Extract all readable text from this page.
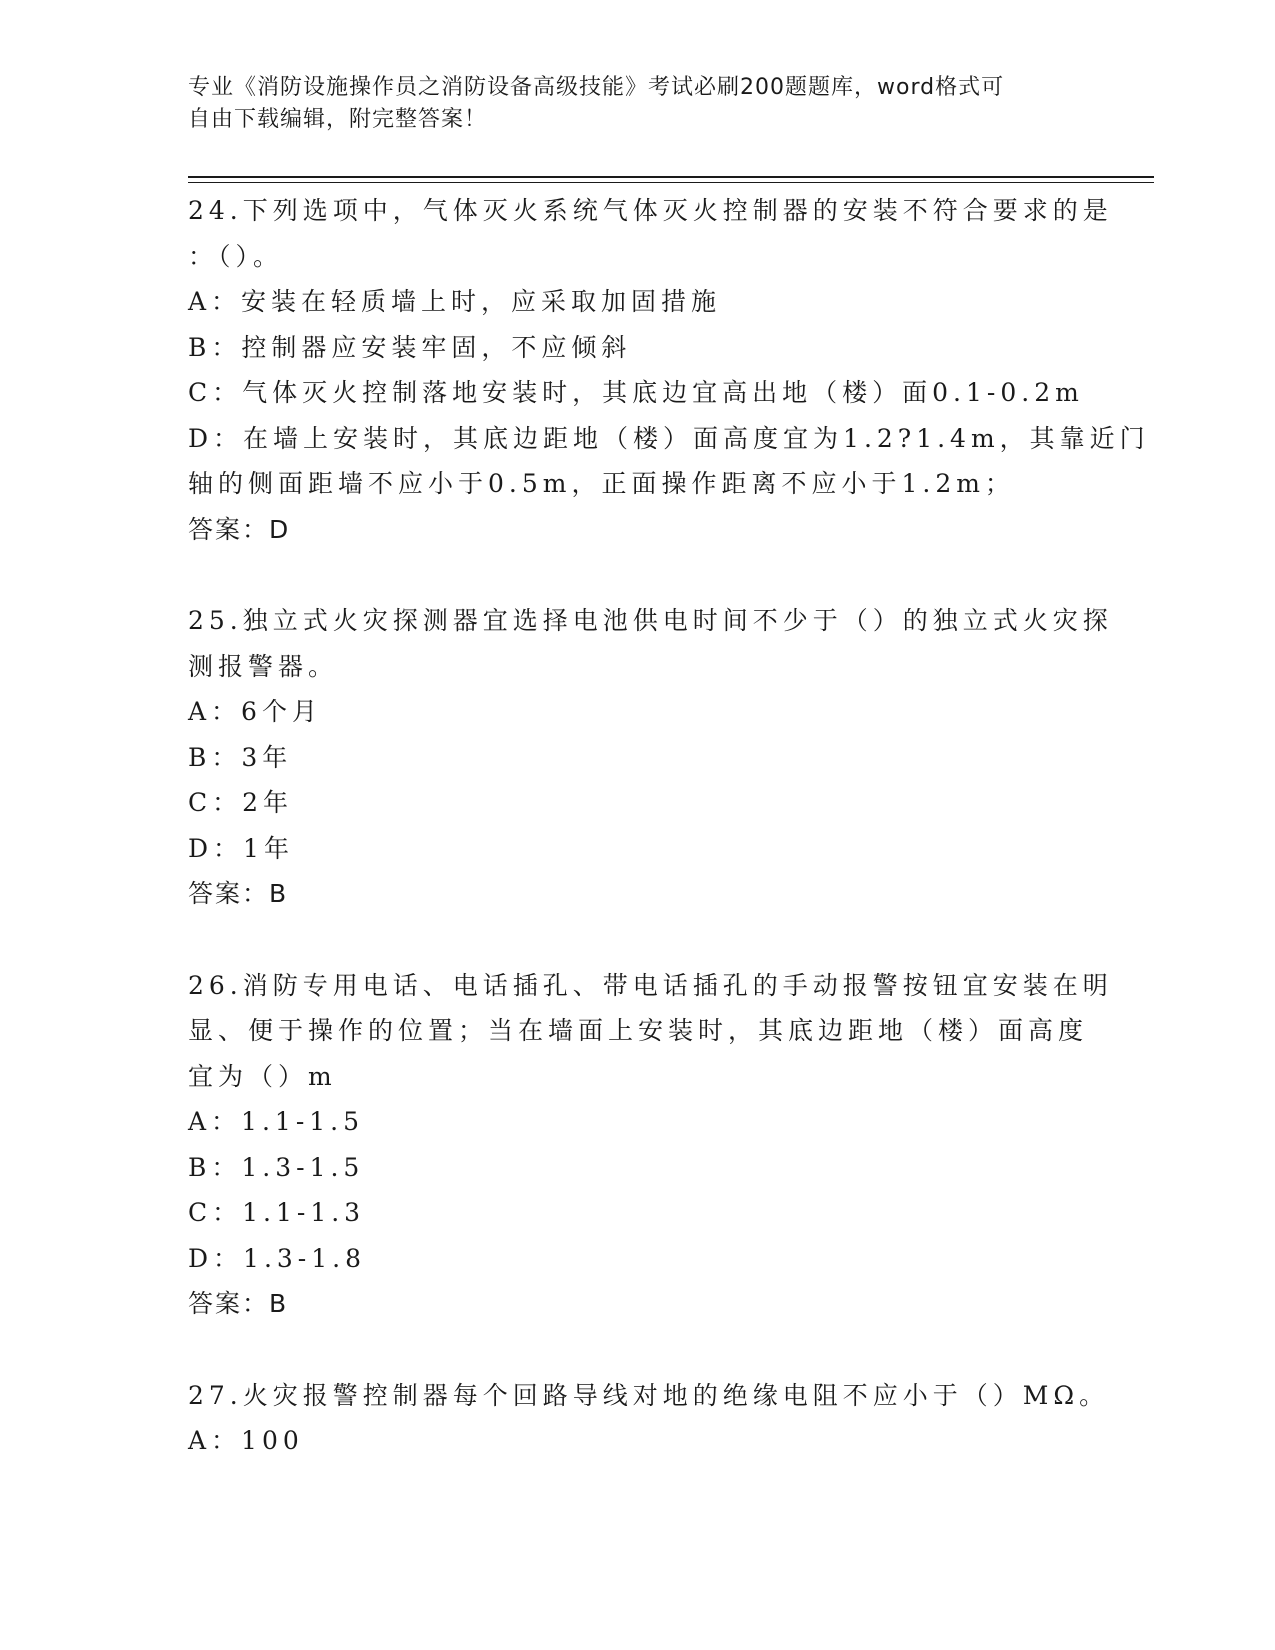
专业《消防设施操作员之消防设备高级技能》考试必刷200题题库，word格式可
自由下载编辑，附完整答案！
24.下列选项中，气体灭火系统气体灭火控制器的安装不符合要求的是
：（）。
A：安装在轻质墙上时，应采取加固措施
B：控制器应安装牢固，不应倾斜
C：气体灭火控制落地安装时，其底边宜高出地（楼）面0.1-0.2m
D：在墙上安装时，其底边距地（楼）面高度宜为1.2?1.4m，其靠近门
轴的侧面距墙不应小于0.5m，正面操作距离不应小于1.2m；
答案：D
25.独立式火灾探测器宜选择电池供电时间不少于（）的独立式火灾探
测报警器。
A：6个月
B：3年
C：2年
D：1年
答案：B
26.消防专用电话、电话插孔、带电话插孔的手动报警按钮宜安装在明
显、便于操作的位置；当在墙面上安装时，其底边距地（楼）面高度
宜为（）m
A：1.1-1.5
B：1.3-1.5
C：1.1-1.3
D：1.3-1.8
答案：B
27.火灾报警控制器每个回路导线对地的绝缘电阻不应小于（）MΩ。
A：100
